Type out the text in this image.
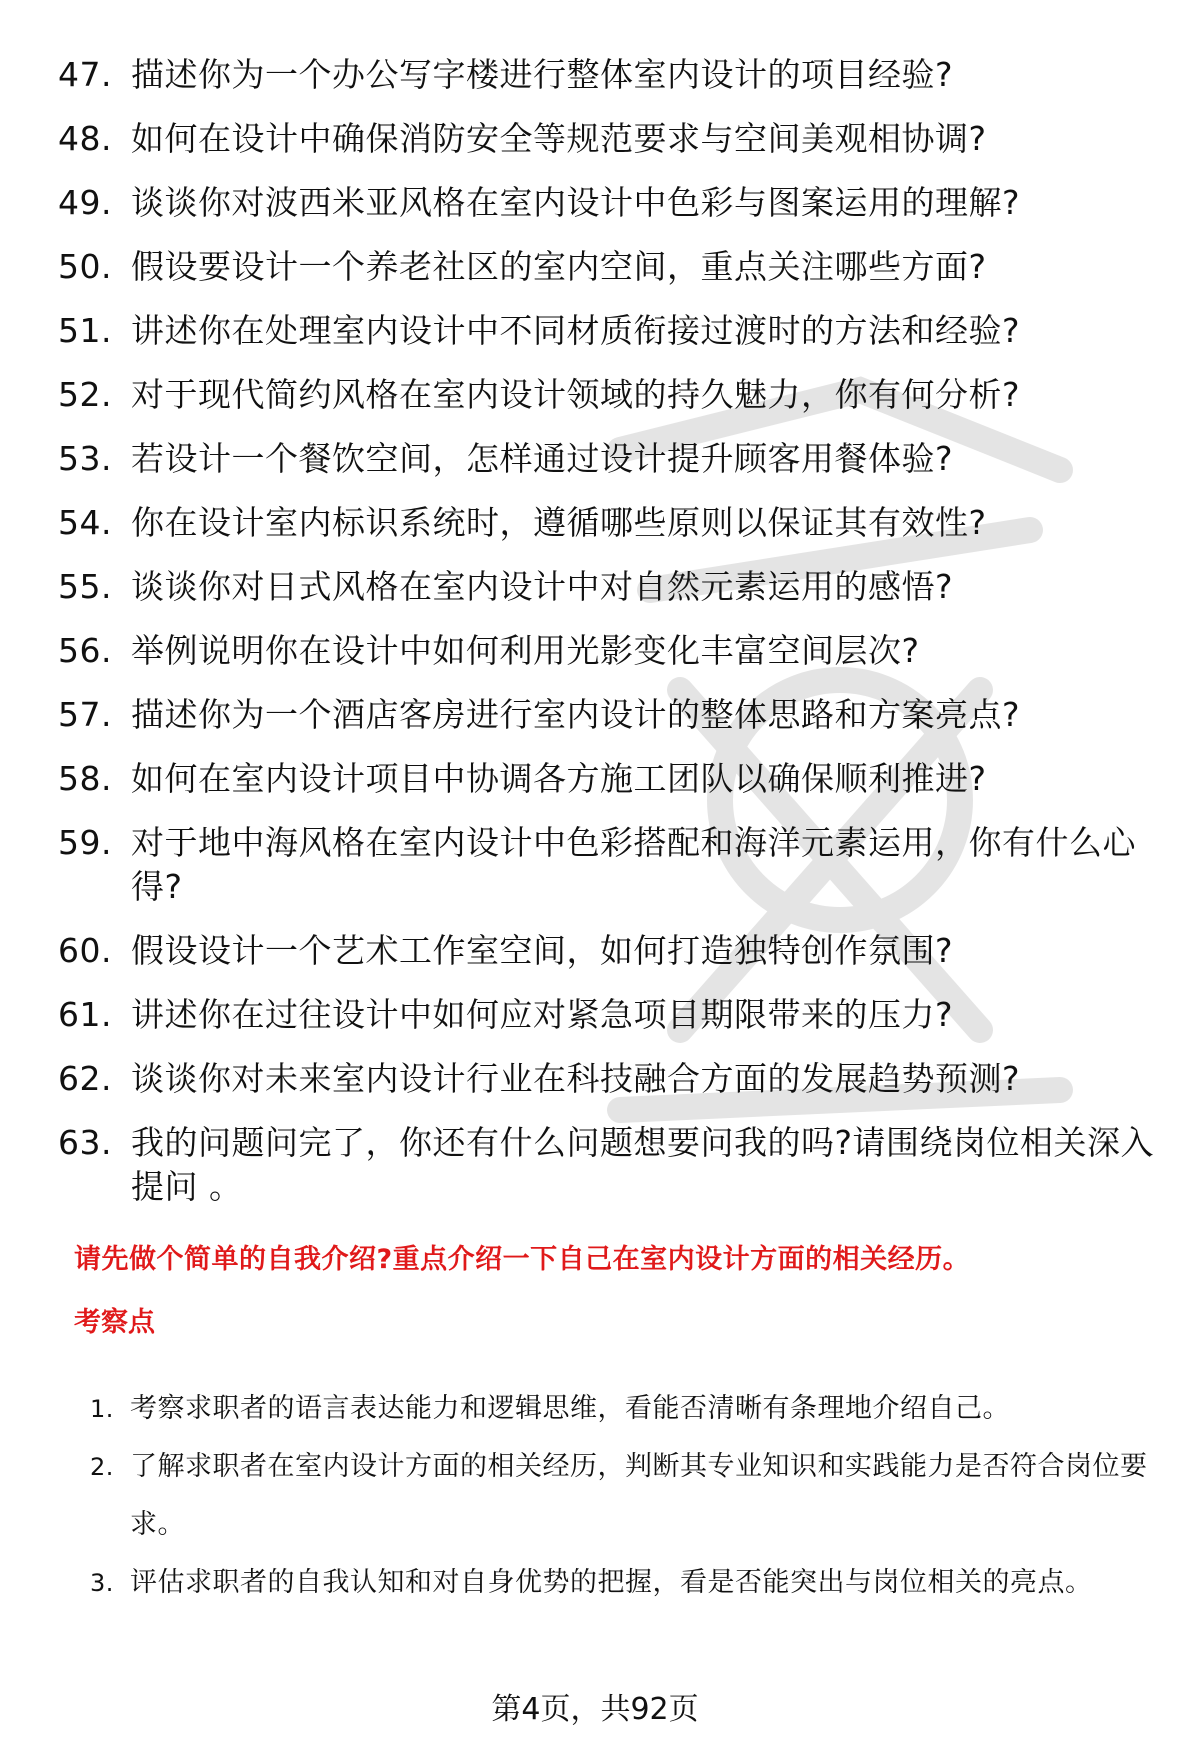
47. 描述你为一个办公写字楼进行整体室内设计的项目经验?
48. 如何在设计中确保消防安全等规范要求与空间美观相协调?
49. 谈谈你对波西米亚风格在室内设计中色彩与图案运用的理解?
50. 假设要设计一个养老社区的室内空间，重点关注哪些方面?
51. 讲述你在处理室内设计中不同材质衔接过渡时的方法和经验?
52. 对于现代简约风格在室内设计领域的持久魅力，你有何分析?
53. 若设计一个餐饮空间，怎样通过设计提升顾客用餐体验?
54. 你在设计室内标识系统时，遵循哪些原则以保证其有效性?
55. 谈谈你对日式风格在室内设计中对自然元素运用的感悟?
56. 举例说明你在设计中如何利用光影变化丰富空间层次?
57. 描述你为一个酒店客房进行室内设计的整体思路和方案亮点?
58. 如何在室内设计项目中协调各方施工团队以确保顺利推进?
59. 对于地中海风格在室内设计中色彩搭配和海洋元素运用，你有什么心得?
60. 假设设计一个艺术工作室空间，如何打造独特创作氛围?
61. 讲述你在过往设计中如何应对紧急项目期限带来的压力?
62. 谈谈你对未来室内设计行业在科技融合方面的发展趋势预测?
63. 我的问题问完了，你还有什么问题想要问我的吗?请围绕岗位相关深入提问 。
请先做个简单的自我介绍?重点介绍一下自己在室内设计方面的相关经历。
考察点
1. 考察求职者的语言表达能力和逻辑思维，看能否清晰有条理地介绍自己。
2. 了解求职者在室内设计方面的相关经历，判断其专业知识和实践能力是否符合岗位要求。
3. 评估求职者的自我认知和对自身优势的把握，看是否能突出与岗位相关的亮点。
第4页，共92页
